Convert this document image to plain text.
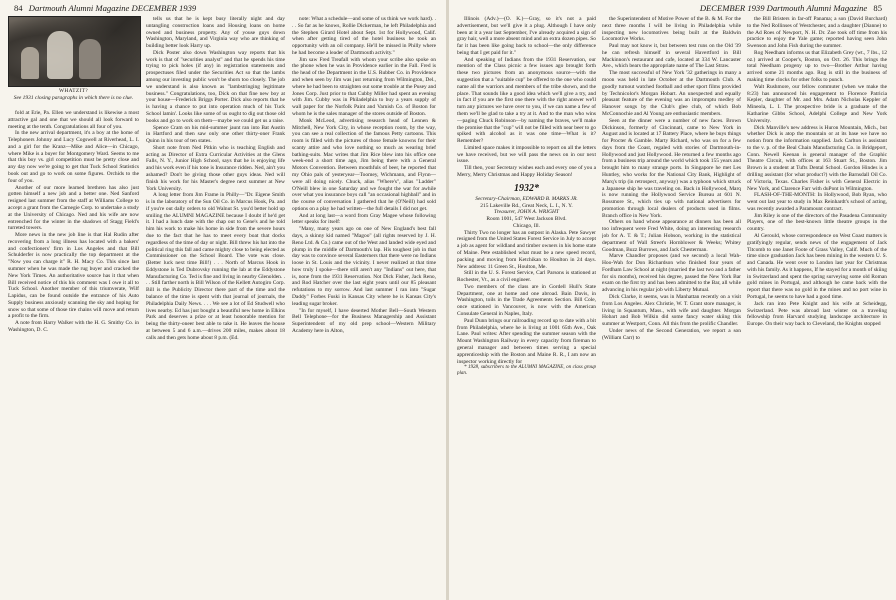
84 Dartmouth Alumni Magazine DECEMBER 1939
WHATZIT?
See 1931 closing paragraphs in which there is no clue.

fold at Erie, Pa. Ellen we understand is likewise a most attractive gal and one that we should all look forward to meeting at the tenth. Congratulations all four of you.

In the new arrival department, it's a boy at the home of Telephoners Johnny and Lucy Cogswell at Riverhead, L. I. and a girl for the Kranz—Mike and Alice—in Chicago, where Mike is a buyer for Montgomery Ward. Seems to me that this boy vs. girl competition must be pretty close and any day now we're going to get that Tuck School Statistics book out and go to work on some figures. Orchids to the four of you.

Another of our more learned brethren has also just gotten himself a new job and a better one. Ned Sanford resigned last summer from the staff at Williams College to accept a grant from the Carnegie Corp. to undertake a study at the University of Chicago. Ned and his wife are now entrenched for the winter in the shadows of Stagg Field's turreted towers.

More news in the new job line is that Hal Rudin after recovering from a long illness has located with a bakers' and confectioners' firm in Los Angeles and that Bill Schulderfer is now practically the top department at the "Now you can charge it" R. H. Macy Co. This since last summer when he was made the rug buyer and cracked the New York Times. An authoritative source has it that when Bill received notice of this his comment was I owe it all to Tuck School. Another member of this triumverate, Wilf Lapidus, can be found outside the entrance of his Auto Supply business anxiously scanning the sky and hoping for snow so that some of those tire chains will move and return a profit to the firm.

A note from Harry Walker with the H. G. Smithy Co. in Washington, D. C.

tells us that he is kept busy literally night and day untangling construction loans and Housing loans on home owned and business property. Any of youse guys down Washington, Maryland, and Virginia way who are thinking of building better look Harry up.

Dick Poster also down Washington way reports that his work is that of "securities analyst" and that he spends his time trying to pick holes (if any) in registration statements and prospectuses filed under the Securities Act so that the lambs among our investing public won't be shorn too closely. The job we understand is also known as "lambstringing legitimate business." Congratulations, too, Dick on that fine new boy at your house—Frederick Briggs Porter. Dick also reports that he is having a chance to put into operation much of his Tuck School lamin'. Looks like some of us ought to dig out those old books and go to work on them—maybe we could get us a raise.

Spence Cram on his mid-summer jaunt ran into Bat Austin in Hartford and then saw only one other thirty-oner Frank Quinn in his tour of ten states.

Short note from Ned Pitkin who is teaching English and acting as Director of Extra Curricular Activities at the Glens Falls, N. Y., Junior High School, says that he is enjoying life and his work even if his tone is Insurance ridden. Ned, ain't you ashamed? Don't be giving those other guys ideas. Ned will finish his work for his Master's degree next summer at New York University.

A long letter from Jim Frame in Philly—"Dr. Eigene Smith is in the laboratory of the Sun Oil Co. in Marcus Hook, Pa. and if you're out dally orders to old Walnut St. you'd better hold up smiling the ALUMNI MAGAZINE because I doubt if he'd get it. I had a lunch date with the chap out to Gene's and he told him his work to make his home in side from the severe hours due to the fact that he has to meet every boat that docks regardless of the time of day or night. Bill threw his hat into the political ring this fall and came mighty close to being elected as Commissioner on the School Board. The vote was close. (Better luck next time Bill!) . . . North of Marcus Hook in Eddystone is Ted Dubrovsky running the lab at the Eddystone Manufacturing Co. Ted is fine and living in nearby Glenolden. . . . Still farther north is Bill Wilson of the Kellett Autogiro Corp. Bill is the Publicity Director there part of the time and the balance of the time is spent with that journal of journals, the Philadelphia Daily News. . . . We see a lot of Ed Studwell who lives nearby. Ed has just bought a beautiful new home in Elkins Park and deserves a prize or at least honorable mention for being the thirty-oneer best able to take it. He leaves the house at between 5 and 6 a.m.—drives 200 miles, makes about 18 calls and then gets home about 8 p.m. (Ed.

note: What a schedule—and some of us think we work hard). . . . So far as he knows, Rollie Dickerman, he left Philadelphia and the Stephen Girard Hotel about Sept. 1st for Hollywood, Calif. when after getting tired of the hotel business he took an opportunity with an oil company. He'll be missed in Philly where he had become a leader of Dartmouth activity."

Jim saw Fred Treafall with whom your scribe also spoke on the phone when he was in Providence earlier in the Fall. Fred is the head of the Department in the U.S. Rubber Co. in Providence and when seen by Jim was just returning from Wilmington, Del., where he had been to straighten out some trouble at the Pusey and Jones Corp. Just prior to that Cubby Miller had spent an evening with Jim. Cubby was in Philadelphia to buy a years supply of wall paper for the Norfolk Paint and Varnish Co. of Boston for whom he is the sales manager of the stores outside of Boston.

Monk McLeod, advertising research head of Lennen & Mitchell, New York City, in whose reception room, by the way, you can see a real collection of the famous Petty cartoons. This room is filled with the pictures of those female knowns for their scanty attire and who love nothing so much as wearing brief bathing-suits. Mac writes that Jim Rice blew into his office one week-end a short time ago, Jim being there with a General Motors Convention. Between mouthfuls of beer, he reported that my Ohio pals of yesteryear—Toomey, Wichmann, and Flynn—were all doing nicely. Chuck, alias "Where's", alias "Ladder" O'Neill blew in one Saturday and we fought the war for awhile over what you insurance boys call "an occasional highball" and in the course of conversation I gathered that he (O'Neill) had sold options on a play he had written—the full details I did not get.

And at long last—a word from Gray Magee whose following letter speaks for itself:

"Many, many years ago on one of New England's best fall days, a skinny kid named "Magoo" (all rights reserved by J. H. Reno Ltd. & Co.) came out of the West and landed wide eyed and plump in the middle of Dartmouth's lap. His toughest job in that day was to convince several Easterners that there were no Indians loose in St. Louis and the vicinity. I never realized at that time how truly I spoke—there still aren't any "Indians" out here, that is, none from the 1931 Reservation. Not Dick Fisher, Jack Reno, and Rod Hatcher over the last eight years until our 85 pleasant refutations to my sorrow. And last summer I ran into "Sugar Daddy" Forbes Fuski in Kansas City where he is Kansas City's leading sugar broker.

"In for myself, I have deserted Mother Bell—South Western Bell Telephone—for the Business Managership and Assistant Superintendent of my old prep school—Western Military Academy here in Alton,

DECEMBER 1939 Dartmouth Alumni Magazine 85

Illinois (Adv.)—(O. K.)—Gray, so it's not a paid advertisement, but we'll give it a plug. Although I have only been at it a year last September, I've already acquired a sign of gray hair, well a more absent mind and an extra dozen pipes. So far it has been like going back to school—the only difference being that I get paid for it."

And speaking of Indians from the 1931 Reservation, our mention of the Class picnic a few issues ago brought forth these two pictures from an anonymous source—with the suggestion that a "suitable cup" be offered to the one who could name all the warriors and members of the tribe shown, and the place. That sounds like a good idea which we'll give a try, and in fact if you are the first one there with the right answer we'll turn any pictures we have over to you, if we can name a few of them we'll be glad to take a try at it. And to the man who wins—paging Chuck Robinson—by naming the braves, we'll make the promise that the "cup" will not be filled with near beer to go spiked with alcohol as it was one time—What is it? Remember?

Limited space makes it impossible to report on all the letters we have received, but we will pass the news on in our next issue.

Till then, your Secretary wishes each and every one of you a Merry, Merry Christmas and Happy Holiday Season!

1932*

Secretary-Chairman, EDWARD B. MARKS JR.

215 Lakeville Rd., Great Neck, L. I., N. Y.

Treasurer, JOHN A. WRIGHT

Room 1001, 547 West Jackson Blvd.

Chicago, Ill.

Thirty Two no longer has an outpost in Alaska. Pete Sawyer resigned from the United States Forest Service in July to accept a job as agent for wildland and timber owners in his home state of Maine. Pete established what must be a new speed record, packing and moving from Ketchikan to Houlton in 24 days. New address: 11 Green St., Houlton, Me.

Still in the U. S. Forest Service, Carl Parsons is stationed at Rochester, Vt., as a civil engineer.

Two members of the class are in Gordell Hull's State Department, one at home and one abroad. Bain Davis, in Washington, toils in the Trade Agreements Section. Bill Cole, once stationed in Vancouver, is now with the American Consulate General in Naples, Italy.

Paul Dunn brings our railroading record up to date with a bit from Philadelphia, where he is living at 1001 65th Ave., Oak Lane. Paul writes: After spending the summer season with the Mount Washington Railway in every capacity from fireman to general manager and between times serving a special apprenticeship with the Boston and Maine R. R., I am now an inspector working directly for

* 1928, subscribers to the ALUMNI MAGAZINE, on class group plan.

the Superintendent of Motive Power of the B. & M. For the next three months I will be living in Philadelphia while inspecting new locomotives being built at the Baldwin Locomotive Works.

Paul may not know it, but between test runs on the Old '39 he can refresh himself in several Havertford in Bill Mackinnon's restaurant and cafe, located at 334 W. Lancaster Ave., which bears the appropriate name of The Last Straw.

The most successful of New York '32 gatherings in many a moon was held in late October at the Dartmouth Club. A goodly turnout watched football and other sport films provided by Technicolor's Morgan Hobart. An unexpected and equally pleasant feature of the evening was an impromptu medley of Hanover songs by the Club's glee club, of which Bob McConnochie and Al Young are enthusiastic members.

Seen at the dinner were a number of new faces. Brown Dickinson, formerly of Cincinnati, came to New York in August and is located at 17 Battery Place, where he buys things for Procter & Gamble. Marty Richard, who was on for a few days from the Coast, regaled with stories of Dartmouth-in-Hollywood and just Hollywood. He returned a few months ago from a business trip around the world which took 155 years and brought him to many strange ports. In Singapore he met Les Huntley, who works for the National City Bank, Highlight of Marq's trip (in retrospect, anyway) was a typhoon which struck a Japanese ship he was traveling on. Back in Hollywood, Marq is now running the Hollywood Service Bureau at 601 N. Rossmore St., which ties up with national advertisers for promotion through local dealers of products used in films. Branch office in New York.

Others on hand whose appearance at dinners has been all too infrequent were Fred White, doing an interesting research job for A. T. & T.; Julian Hobson, working in the statistical department of Wall Street's Hornblower & Weeks; Whitey Goodman, Buzz Burrows, and Jack Chesterman.

Marve Chandler proposes (and we second) a local Wah-Hoo-Wah for Don Richardson who finished four years of Fordham Law School at night (married the last two and a father for six months), received his degree, passed the New York Bar exam on the first try and has been admitted to the Bar, all while advancing in his regular job with Liberty Mutual.

Dick Clarke, it seems, was in Manhattan recently on a visit from Los Angeles. Alex Christie, W. T. Grant store manager, is living in Squantum, Mass., with wife and daughter. Morgan Hobart and Bob Wilkin did some fancy water skiing this summer at Westport, Conn. All this from the prolific Chandler.

Under news of the Second Generation, we report a son (William Carr) to

the Bill Bristers in far-off Panama; a son (David Burchard) to the Ned Rollinses of Westchester, and a daughter (Dianne) to the Ad Roes of Newport, N. H. Dr. Zoe took off time from his practice to enjoy the Yale game; reported having seen John Swenson and John Fish during the summer.

Rog Needham informs us that Elizabeth Grey (wt., 7 lbs., 12 oz.) arrived at Cooper's, Boston, on Oct. 26. This brings the total Needham progeny up to two—Brother Arthur having arrived some 21 months ago. Rog is still in the business of making time clocks for other folks to punch.

Walt Rushmore, our fellow commuter (when we make the 8:23) has announced his engagement to Florence Patricia Kepler, daughter of Mr. and Mrs. Adam Nicholas Keppler of Mineola, L. I. The prospective bride is a graduate of the Katharine Gibbs School, Adelphi College and New York University.

Dick Manville's new address is Huron Mountain, Mich., but whether Dick is atop the mountain or at its base we have no notion from the information supplied. Jack Carlton is assistant to the v. p. of the Beal Chain Manufacturing Co. in Bridgeport, Conn. Newell Keenan is general manager of the Graphic Theatre Circuit, with offices at 163 Stuart St., Boston. Jim Brown is a student at Tufts Dental School. Gordon Hindes is a drilling assistant (for what product?) with the Barnsdall Oil Co. of Victoria, Texas. Charles Fisher is with General Electric in New York, and Clarence Farr with duPont in Wilmington.

FLASH-OF-THE-MONTH: In Hollywood, Bob Ryan, who went out last year to study in Max Reinhardt's school of acting, was recently awarded a Paramount contract.

Jim Riley is one of the directors of the Pasadena Community Players, one of the best-known little theatre groups in the country.

Al Gerould, whose correspondence on West Coast matters is gratifyingly regular, sends news of the engagement of Jack Titcomb to one Janet Foote of Grass Valley, Calif. Much of the time since graduation Jack has been mining in the western U. S. and Canada. He went over to London last year for Christmas with his family. As it happens, If he stayed for a month of skiing in Switzerland and spent the spring surveying some old Roman gold mines in Portugal, and although he came back with the report that there was no gold in the mines and no port wine in Portugal, he seems to have had a good time.

Jack ran into Pete Knight and his wife at Scheidegg, Switzerland. Pete was abroad last winter on a traveling fellowship from Harvard studying landscape architecture in Europe. On their way back to Cleveland, the Knights stopped
